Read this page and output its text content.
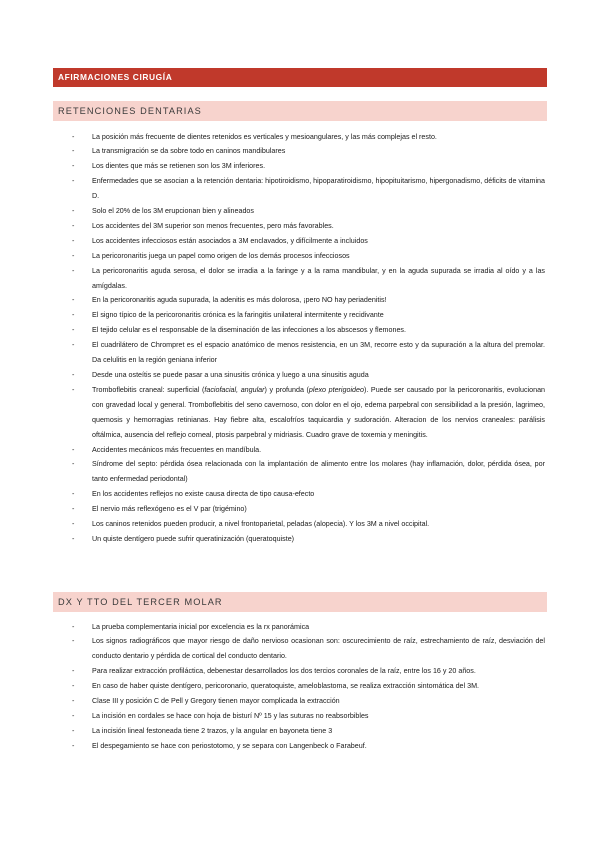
AFIRMACIONES CIRUGÍA
RETENCIONES DENTARIAS
- La posición más frecuente de dientes retenidos es verticales y mesioangulares, y las más complejas el resto.
- La transmigración se da sobre todo en caninos mandibulares
- Los dientes que más se retienen son los 3M inferiores.
- Enfermedades que se asocian a la retención dentaria: hipotiroidismo, hipoparatiroidismo, hipopituitarismo, hipergonadismo, déficits de vitamina D.
- Solo el 20% de los 3M erupcionan bien y alineados
- Los accidentes del 3M superior son menos frecuentes, pero más favorables.
- Los accidentes infecciosos están asociados a 3M enclavados, y difícilmente a incluidos
- La pericoronaritis juega un papel como origen de los demás procesos infecciosos
- La pericoronaritis aguda serosa, el dolor se irradia a la faringe y a la rama mandibular, y en la aguda supurada se irradia al oído y a las amígdalas.
- En la pericoronaritis aguda supurada, la adenitis es más dolorosa, ¡pero NO hay periadenitis!
- El signo típico de la pericoronaritis crónica es la faringitis unilateral intermitente y recidivante
- El tejido celular es el responsable de la diseminación de las infecciones a los abscesos y flemones.
- El cuadrilátero de Chrompret es el espacio anatómico de menos resistencia, en un 3M, recorre esto y da supuración a la altura del premolar. Da celulitis en la región geniana inferior
- Desde una osteítis se puede pasar a una sinusitis crónica y luego a una sinusitis aguda
- Tromboflebitis craneal: superficial (faciofacial, angular) y profunda (plexo pterigoideo). Puede ser causado por la pericoronaritis, evolucionan con gravedad local y general. Tromboflebitis del seno cavernoso, con dolor en el ojo, edema parpebral con sensibilidad a la presión, lagrimeo, quemosis y hemorragias retinianas. Hay fiebre alta, escalofríos taquicardia y sudoración. Alteracion de los nervios craneales: parálisis oftálmica, ausencia del reflejo corneal, ptosis parpebral y midriasis. Cuadro grave de toxemia y meningitis.
- Accidentes mecánicos más frecuentes en mandíbula.
- Síndrome del septo: pérdida ósea relacionada con la implantación de alimento entre los molares (hay inflamación, dolor, pérdida ósea, por tanto enfermedad periodontal)
- En los accidentes reflejos no existe causa directa de tipo causa-efecto
- El nervio más reflexógeno es el V par (trigémino)
- Los caninos retenidos pueden producir, a nivel frontoparietal, peladas (alopecia). Y los 3M a nivel occipital.
- Un quiste dentígero puede sufrir queratinización (queratoquiste)
DX Y TTO DEL TERCER MOLAR
- La prueba complementaria inicial por excelencia es la rx panorámica
- Los signos radiográficos que mayor riesgo de daño nervioso ocasionan son: oscurecimiento de raíz, estrechamiento de raíz, desviación del conducto dentario y pérdida de cortical del conducto dentario.
- Para realizar extracción profiláctica, debenestar desarrollados los dos tercios coronales de la raíz, entre los 16 y 20 años.
- En caso de haber quiste dentígero, pericoronario, queratoquiste, ameloblastoma, se realiza extracción sintomática del 3M.
- Clase III y posición C de Pell y Gregory tienen mayor complicada la extracción
- La incisión en cordales se hace con hoja de bisturí Nº 15 y las suturas no reabsorbibles
- La incisión lineal festoneada tiene 2 trazos, y la angular en bayoneta tiene 3
- El despegamiento se hace con periostotomo, y se separa con Langenbeck o Farabeuf.
